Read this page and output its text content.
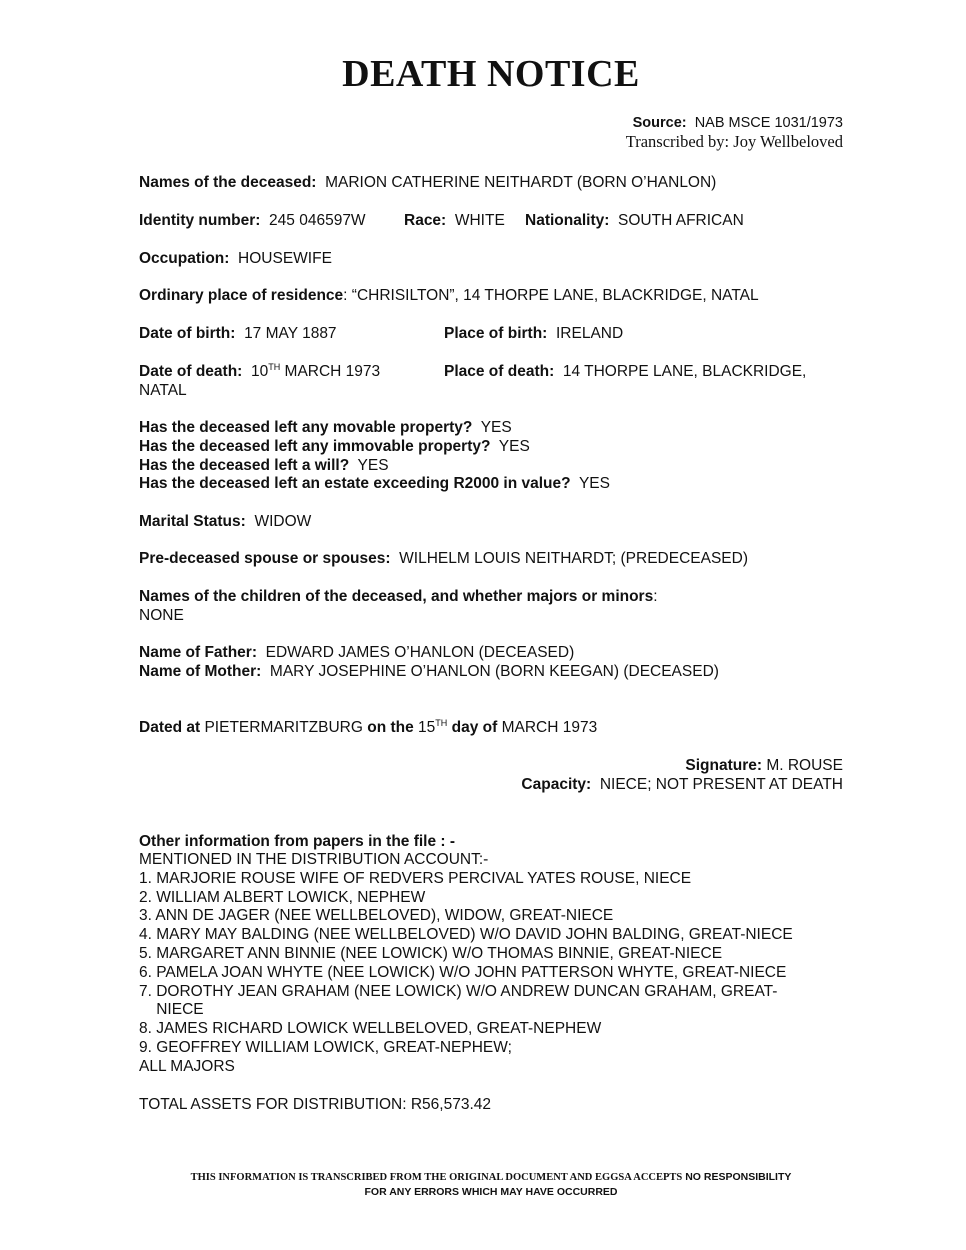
DEATH NOTICE
Source: NAB MSCE 1031/1973
Transcribed by: Joy Wellbeloved
Names of the deceased: MARION CATHERINE NEITHARDT (BORN O’HANLON)
Identity number: 245 046597W Race: WHITE Nationality: SOUTH AFRICAN
Occupation: HOUSEWIFE
Ordinary place of residence: “CHRISILTON”, 14 THORPE LANE, BLACKRIDGE, NATAL
Date of birth: 17 MAY 1887	Place of birth: IRELAND
Date of death: 10TH MARCH 1973	Place of death: 14 THORPE LANE, BLACKRIDGE,
NATAL
Has the deceased left any movable property? YES
Has the deceased left any immovable property? YES
Has the deceased left a will? YES
Has the deceased left an estate exceeding R2000 in value? YES
Marital Status: WIDOW
Pre-deceased spouse or spouses: WILHELM LOUIS NEITHARDT; (PREDECEASED)
Names of the children of the deceased, and whether majors or minors:
NONE
Name of Father: EDWARD JAMES O’HANLON (DECEASED)
Name of Mother: MARY JOSEPHINE O’HANLON (BORN KEEGAN) (DECEASED)
Dated at PIETERMARITZBURG on the 15TH day of MARCH 1973
Signature: M. ROUSE
Capacity: NIECE; NOT PRESENT AT DEATH
Other information from papers in the file : -
MENTIONED IN THE DISTRIBUTION ACCOUNT:-
1. MARJORIE ROUSE WIFE OF REDVERS PERCIVAL YATES ROUSE, NIECE
2. WILLIAM ALBERT LOWICK, NEPHEW
3. ANN DE JAGER (NEE WELLBELOVED), WIDOW, GREAT-NIECE
4. MARY MAY BALDING (NEE WELLBELOVED) W/O DAVID JOHN BALDING, GREAT-NIECE
5. MARGARET ANN BINNIE (NEE LOWICK) W/O THOMAS BINNIE, GREAT-NIECE
6. PAMELA JOAN WHYTE (NEE LOWICK) W/O JOHN PATTERSON WHYTE, GREAT-NIECE
7. DOROTHY JEAN GRAHAM (NEE LOWICK) W/O ANDREW DUNCAN GRAHAM, GREAT-
NIECE
8. JAMES RICHARD LOWICK WELLBELOVED, GREAT-NEPHEW
9. GEOFFREY WILLIAM LOWICK, GREAT-NEPHEW;
ALL MAJORS
TOTAL ASSETS FOR DISTRIBUTION: R56,573.42
THIS INFORMATION IS TRANSCRIBED FROM THE ORIGINAL DOCUMENT AND EGGSA ACCEPTS NO RESPONSIBILITY
FOR ANY ERRORS WHICH MAY HAVE OCCURRED
